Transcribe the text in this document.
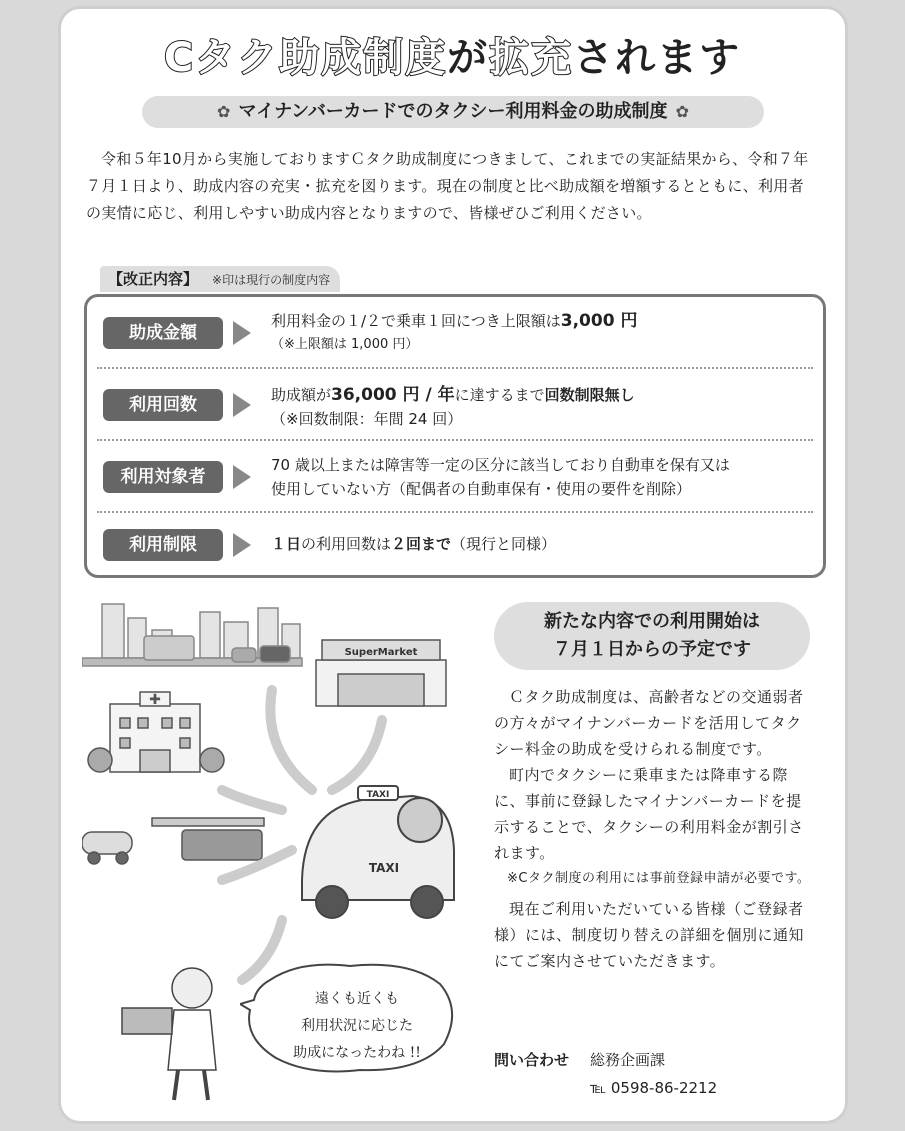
Cタク助成制度が拡充されます
✿ マイナンバーカードでのタクシー利用料金の助成制度 ✿
令和５年10月から実施しておりますＣタク助成制度につきまして、これまでの実証結果から、令和７年７月１日より、助成内容の充実・拡充を図ります。現在の制度と比べ助成額を増額するとともに、利用者の実情に応じ、利用しやすい助成内容となりますので、皆様ぜひご利用ください。
【改正内容】 ※印は現行の制度内容
助成金額
利用料金の１/２で乗車１回につき上限額は3,000 円
（※上限額は 1,000 円）
利用回数	助成額が36,000 円 / 年に達するまで回数制限無し
（※回数制限：年間 24 回）
利用対象者
70 歳以上または障害等一定の区分に該当しており自動車を保有又は
使用していない方（配偶者の自動車保有・使用の要件を削除）
利用制限	１日の利用回数は２回まで（現行と同様）
SuperMarket
✚
TAXI
TAXI
遠くも近くも
利用状況に応じた
助成になったわね !!
新たな内容での利用開始は
７月１日からの予定です

Ｃタク助成制度は、高齢者などの交通弱者の方々がマイナンバーカードを活用してタクシー料金の助成を受けられる制度です。

町内でタクシーに乗車または降車する際に、事前に登録したマイナンバーカードを提示することで、タクシーの利用料金が割引されます。

※Cタク制度の利用には事前登録申請が必要です。

現在ご利用いただいている皆様（ご登録者様）には、制度切り替えの詳細を個別に通知にてご案内させていただきます。

問い合わせ 総務企画課
℡ 0598-86-2212
